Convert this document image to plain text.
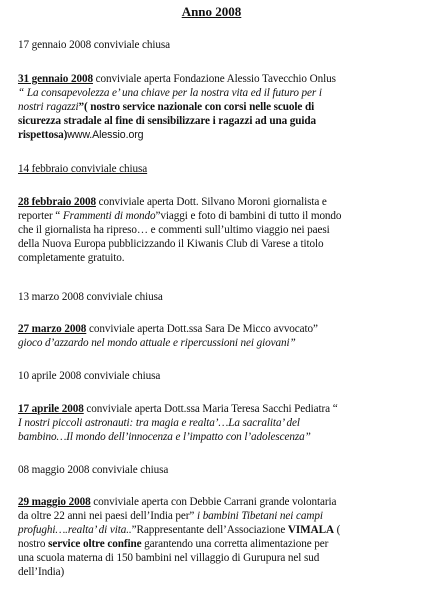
Anno 2008
17 gennaio 2008 conviviale chiusa
31 gennaio 2008 conviviale aperta Fondazione Alessio Tavecchio Onlus
“ La consapevolezza e’ una chiave per la nostra vita ed il futuro per i
nostri ragazzi”( nostro service nazionale con corsi nelle scuole di
sicurezza stradale al fine di sensibilizzare i ragazzi ad una guida
rispettosa)www.Alessio.org
14 febbraio conviviale chiusa
28 febbraio 2008 conviviale aperta Dott. Silvano Moroni giornalista e
reporter “ Frammenti di mondo”viaggi e foto di bambini di tutto il mondo
che il giornalista ha ripreso… e commenti sull’ultimo viaggio nei paesi
della Nuova Europa pubblicizzando il Kiwanis Club di Varese a titolo
completamente gratuito.
13 marzo 2008 conviviale chiusa
27 marzo 2008 conviviale aperta Dott.ssa Sara De Micco avvocato”
gioco d’azzardo nel mondo attuale e ripercussioni nei giovani”
10 aprile 2008 conviviale chiusa
17 aprile 2008 conviviale aperta Dott.ssa Maria Teresa Sacchi Pediatra “
I nostri piccoli astronauti: tra magia e realta’…La sacralita’ del
bambino…Il mondo dell’innocenza e l’impatto con l’adolescenza”
08 maggio 2008 conviviale chiusa
29 maggio 2008 conviviale aperta con Debbie Carrani grande volontaria
da oltre 22 anni nei paesi dell’India per” i bambini Tibetani nei campi
profughi….realta’ di vita..”Rappresentante dell’Associazione VIMALA (
nostro service oltre confine garantendo una corretta alimentazione per
una scuola materna di 150 bambini nel villaggio di Gurupura nel sud
dell’India)
